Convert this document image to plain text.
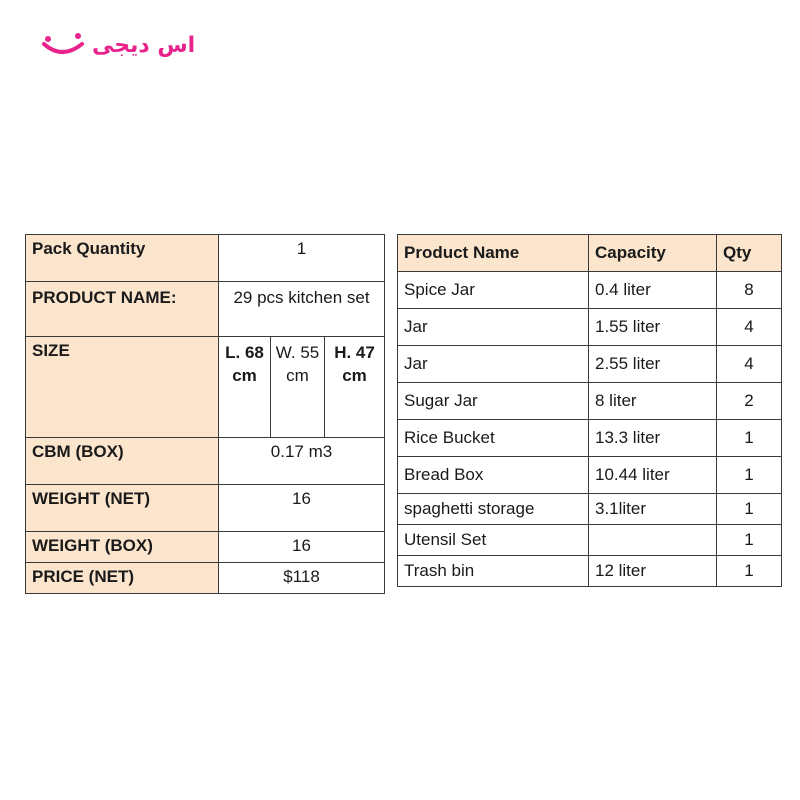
اس دیجی
Pack Quantity	1		
PRODUCT NAME:	29 pcs kitchen set		
SIZE	L. 68 cm	W. 55 cm	H. 47 cm
CBM (BOX)	0.17 m3		
WEIGHT (NET)	16		
WEIGHT (BOX)	16		
PRICE (NET)	$118		
Product Name	Capacity	Qty
Spice Jar	0.4 liter	8
Jar	1.55 liter	4
Jar	2.55 liter	4
Sugar Jar	8 liter	2
Rice Bucket	13.3 liter	1
Bread Box	10.44 liter	1
spaghetti storage	3.1liter	1
Utensil Set		1
Trash bin	12 liter	1
